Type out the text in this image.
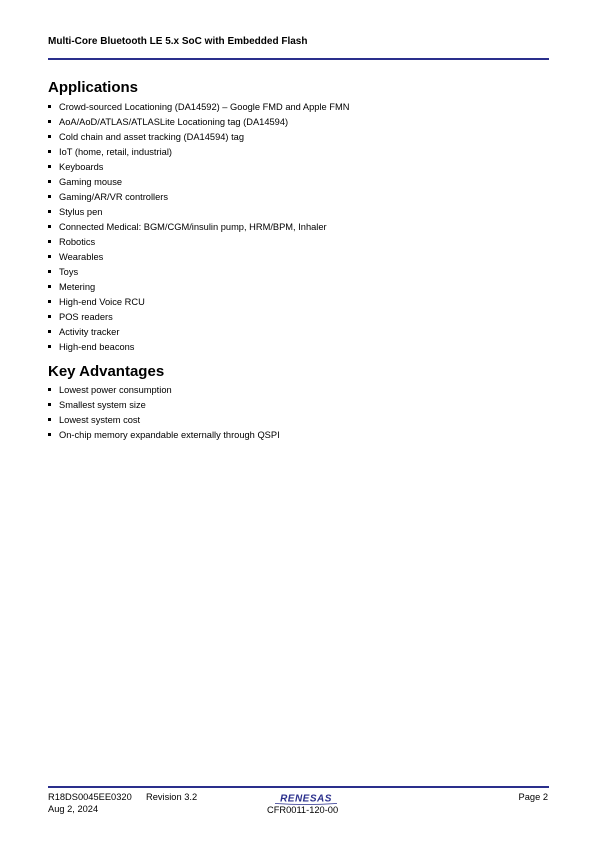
Multi-Core Bluetooth LE 5.x SoC with Embedded Flash
Applications
Crowd-sourced Locationing (DA14592) – Google FMD and Apple FMN
AoA/AoD/ATLAS/ATLASLite Locationing tag (DA14594)
Cold chain and asset tracking (DA14594) tag
IoT (home, retail, industrial)
Keyboards
Gaming mouse
Gaming/AR/VR controllers
Stylus pen
Connected Medical: BGM/CGM/insulin pump, HRM/BPM, Inhaler
Robotics
Wearables
Toys
Metering
High-end Voice RCU
POS readers
Activity tracker
High-end beacons
Key Advantages
Lowest power consumption
Smallest system size
Lowest system cost
On-chip memory expandable externally through QSPI
R18DS0045EE0320 Revision 3.2
Aug 2, 2024
RENESAS
CFR0011-120-00
Page 2
